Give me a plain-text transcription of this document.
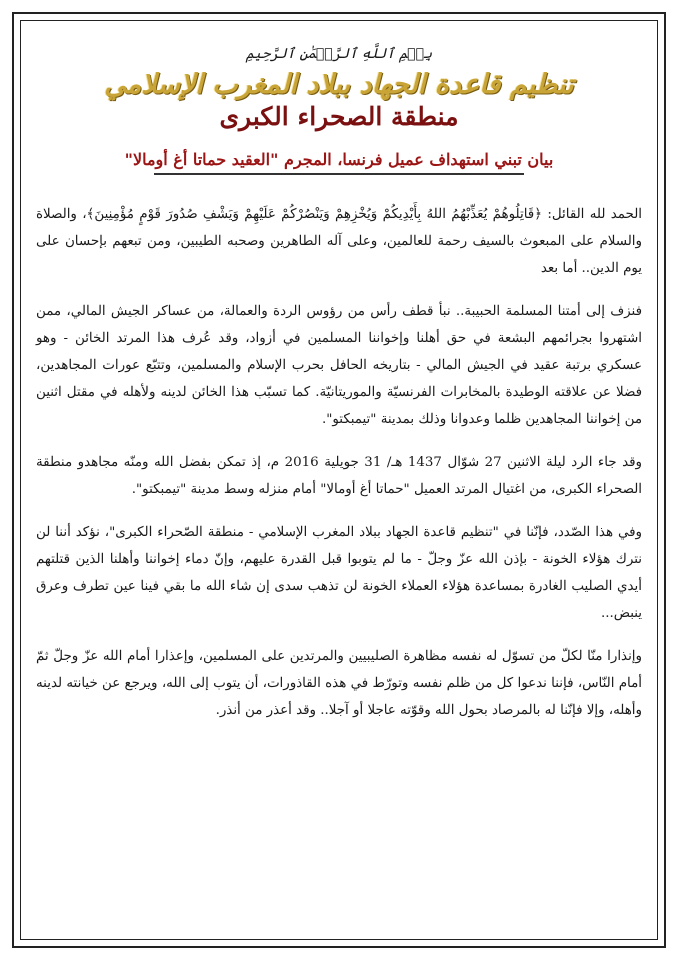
بِسۡمِ ٱللَّهِ ٱلرَّحۡمَٰنِ ٱلرَّحِيمِ

تنظيم قاعدة الجهاد ببلاد المغرب الإسلامي

منطقة الصحراء الكبرى

بيان تبني استهداف عميل فرنسا، المجرم "العقيد حماتا أغ أومالا"

الحمد لله القائل: ﴿قَاتِلُوهُمْ يُعَذِّبْهُمُ اللهُ بِأَيْدِيكُمْ وَيُخْزِهِمْ وَيَنْصُرْكُمْ عَلَيْهِمْ وَيَشْفِ صُدُورَ قَوْمٍ مُؤْمِنِينَ﴾، والصلاة والسلام على المبعوث بالسيف رحمة للعالمين، وعلى آله الطاهرين وصحبه الطيبين، ومن تبعهم بإحسان على يوم الدين.. أما بعد

فنزف إلى أمتنا المسلمة الحبيبة.. نبأ قطف رأس من رؤوس الردة والعمالة، من عساكر الجيش المالي، ممن اشتهروا بجرائمهم البشعة في حق أهلنا وإخواننا المسلمين في أزواد، وقد عُرف هذا المرتد الخائن - وهو عسكري برتبة عقيد في الجيش المالي - بتاريخه الحافل بحرب الإسلام والمسلمين، وتتبّع عورات المجاهدين، فضلا عن علاقته الوطيدة بالمخابرات الفرنسيّة والموريتانيّة. كما تسبّب هذا الخائن لدينه ولأهله في مقتل اثنين من إخواننا المجاهدين ظلما وعدوانا وذلك بمدينة "تيمبكتو".

وقد جاء الرد ليلة الاثنين 27 شوّال 1437 هـ/ 31 جويلية 2016 م، إذ تمكن بفضل الله ومنّه مجاهدو منطقة الصحراء الكبرى، من اغتيال المرتد العميل "حماتا أغ أومالا" أمام منزله وسط مدينة "تيمبكتو".

وفي هذا الصّدد، فإنّنا في "تنظيم قاعدة الجهاد ببلاد المغرب الإسلامي - منطقة الصّحراء الكبرى"، نؤكد أننا لن نترك هؤلاء الخونة - بإذن الله عزّ وجلّ - ما لم يتوبوا قبل القدرة عليهم، وإنّ دماء إخواننا وأهلنا الذين قتلتهم أيدي الصليب الغادرة بمساعدة هؤلاء العملاء الخونة لن تذهب سدى إن شاء الله ما بقي فينا عين تطرف وعرق ينبض...

وإنذارا منّا لكلّ من تسوّل له نفسه مظاهرة الصليبيين والمرتدين على المسلمين، وإعذارا أمام الله عزّ وجلّ ثمّ أمام النّاس، فإننا ندعوا كل من ظلم نفسه وتورّط في هذه القاذورات، أن يتوب إلى الله، ويرجع عن خيانته لدينه وأهله، وإلا فإنّنا له بالمرصاد بحول الله وقوّته عاجلا أو آجلا.. وقد أعذر من أنذر.
